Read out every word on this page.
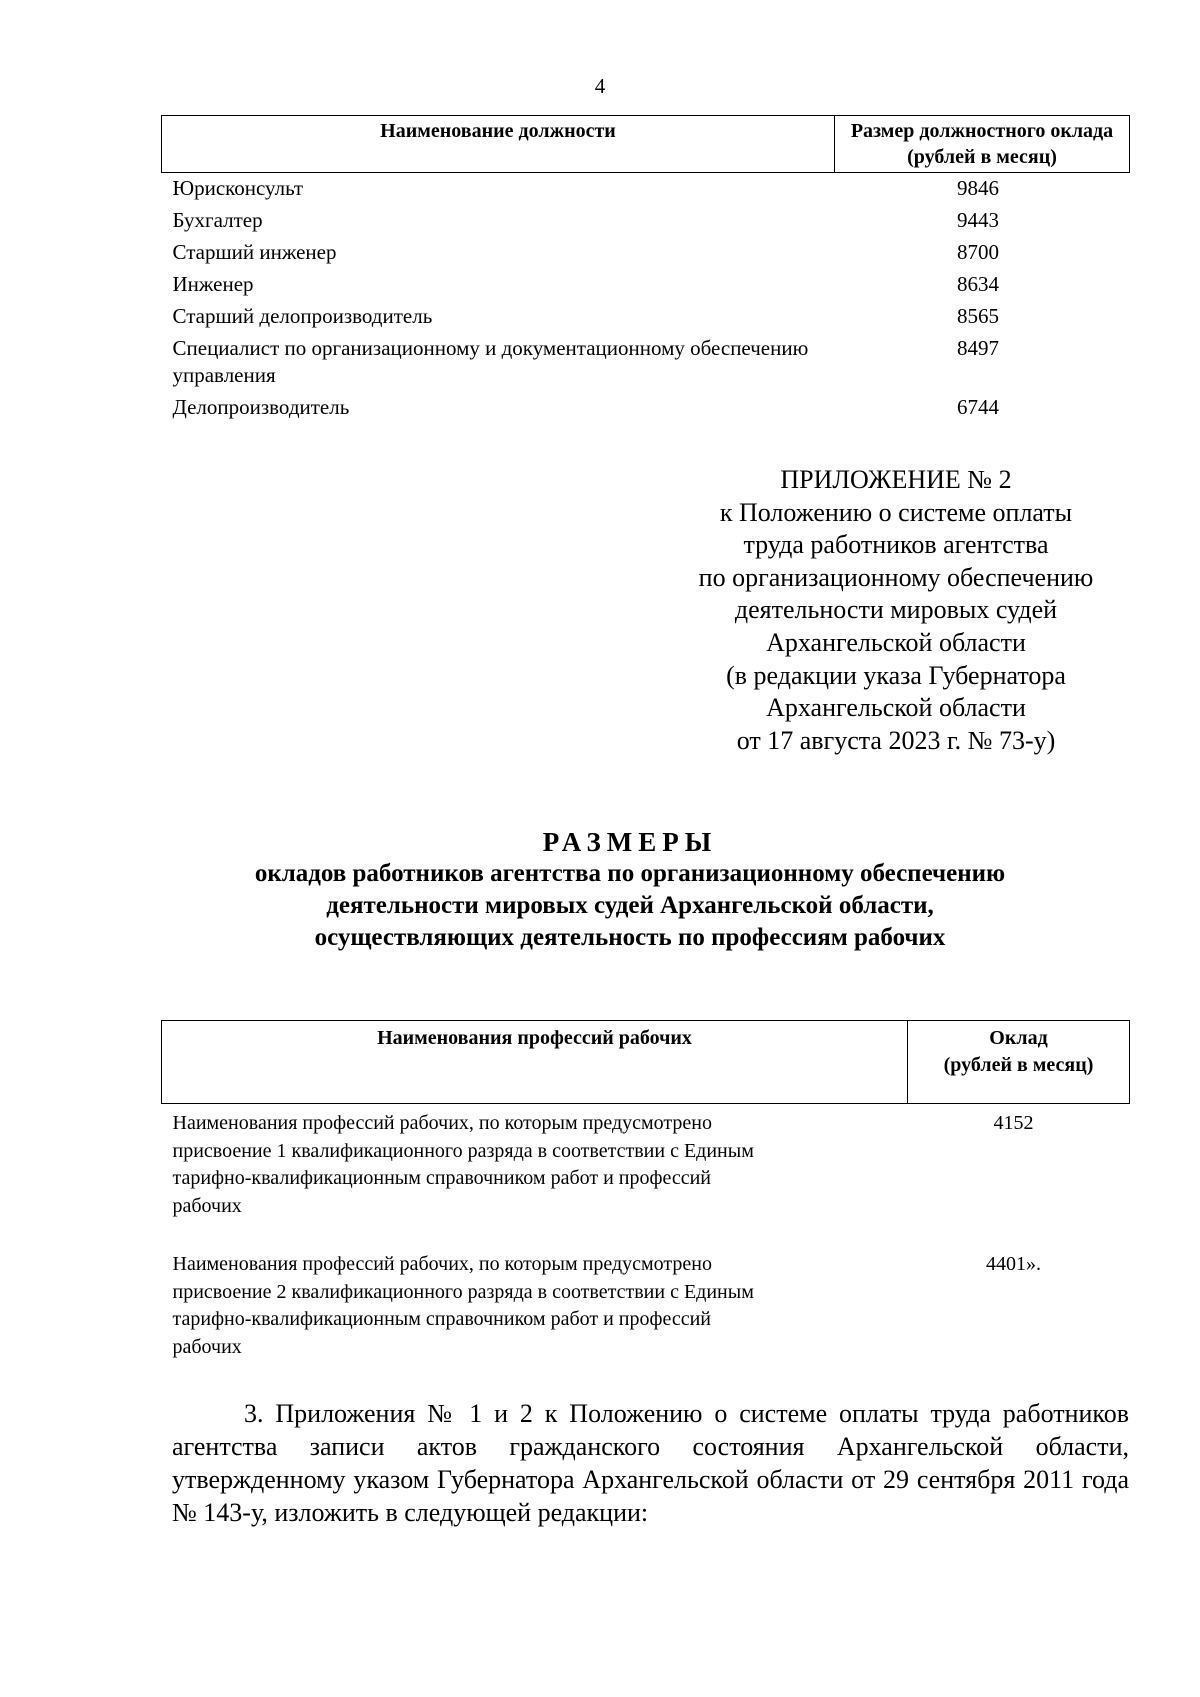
4
Наименование должности	Размер должностного оклада (рублей в месяц)
Юрисконсульт	9846
Бухгалтер	9443
Старший инженер	8700
Инженер	8634
Старший делопроизводитель	8565
Специалист по организационному и документационному обеспечению управления	8497
Делопроизводитель	6744
ПРИЛОЖЕНИЕ № 2
к Положению о системе оплаты
труда работников агентства
по организационному обеспечению
деятельности мировых судей
Архангельской области
(в редакции указа Губернатора
Архангельской области
от 17 августа 2023 г. № 73-у)
РАЗМЕРЫ
окладов работников агентства по организационному обеспечению
деятельности мировых судей Архангельской области,
осуществляющих деятельность по профессиям рабочих
Наименования профессий рабочих	Оклад
(рублей в месяц)

Наименования профессий рабочих, по которым предусмотрено
присвоение 1 квалификационного разряда в соответствии с Единым
тарифно-квалификационным справочником работ и профессий
рабочих	4152

Наименования профессий рабочих, по которым предусмотрено
присвоение 2 квалификационного разряда в соответствии с Единым
тарифно-квалификационным справочником работ и профессий
рабочих	4401».

3. Приложения № 1 и 2 к Положению о системе оплаты труда работников агентства записи актов гражданского состояния Архангельской области, утвержденному указом Губернатора Архангельской области от 29 сентября 2011 года № 143-у, изложить в следующей редакции:
